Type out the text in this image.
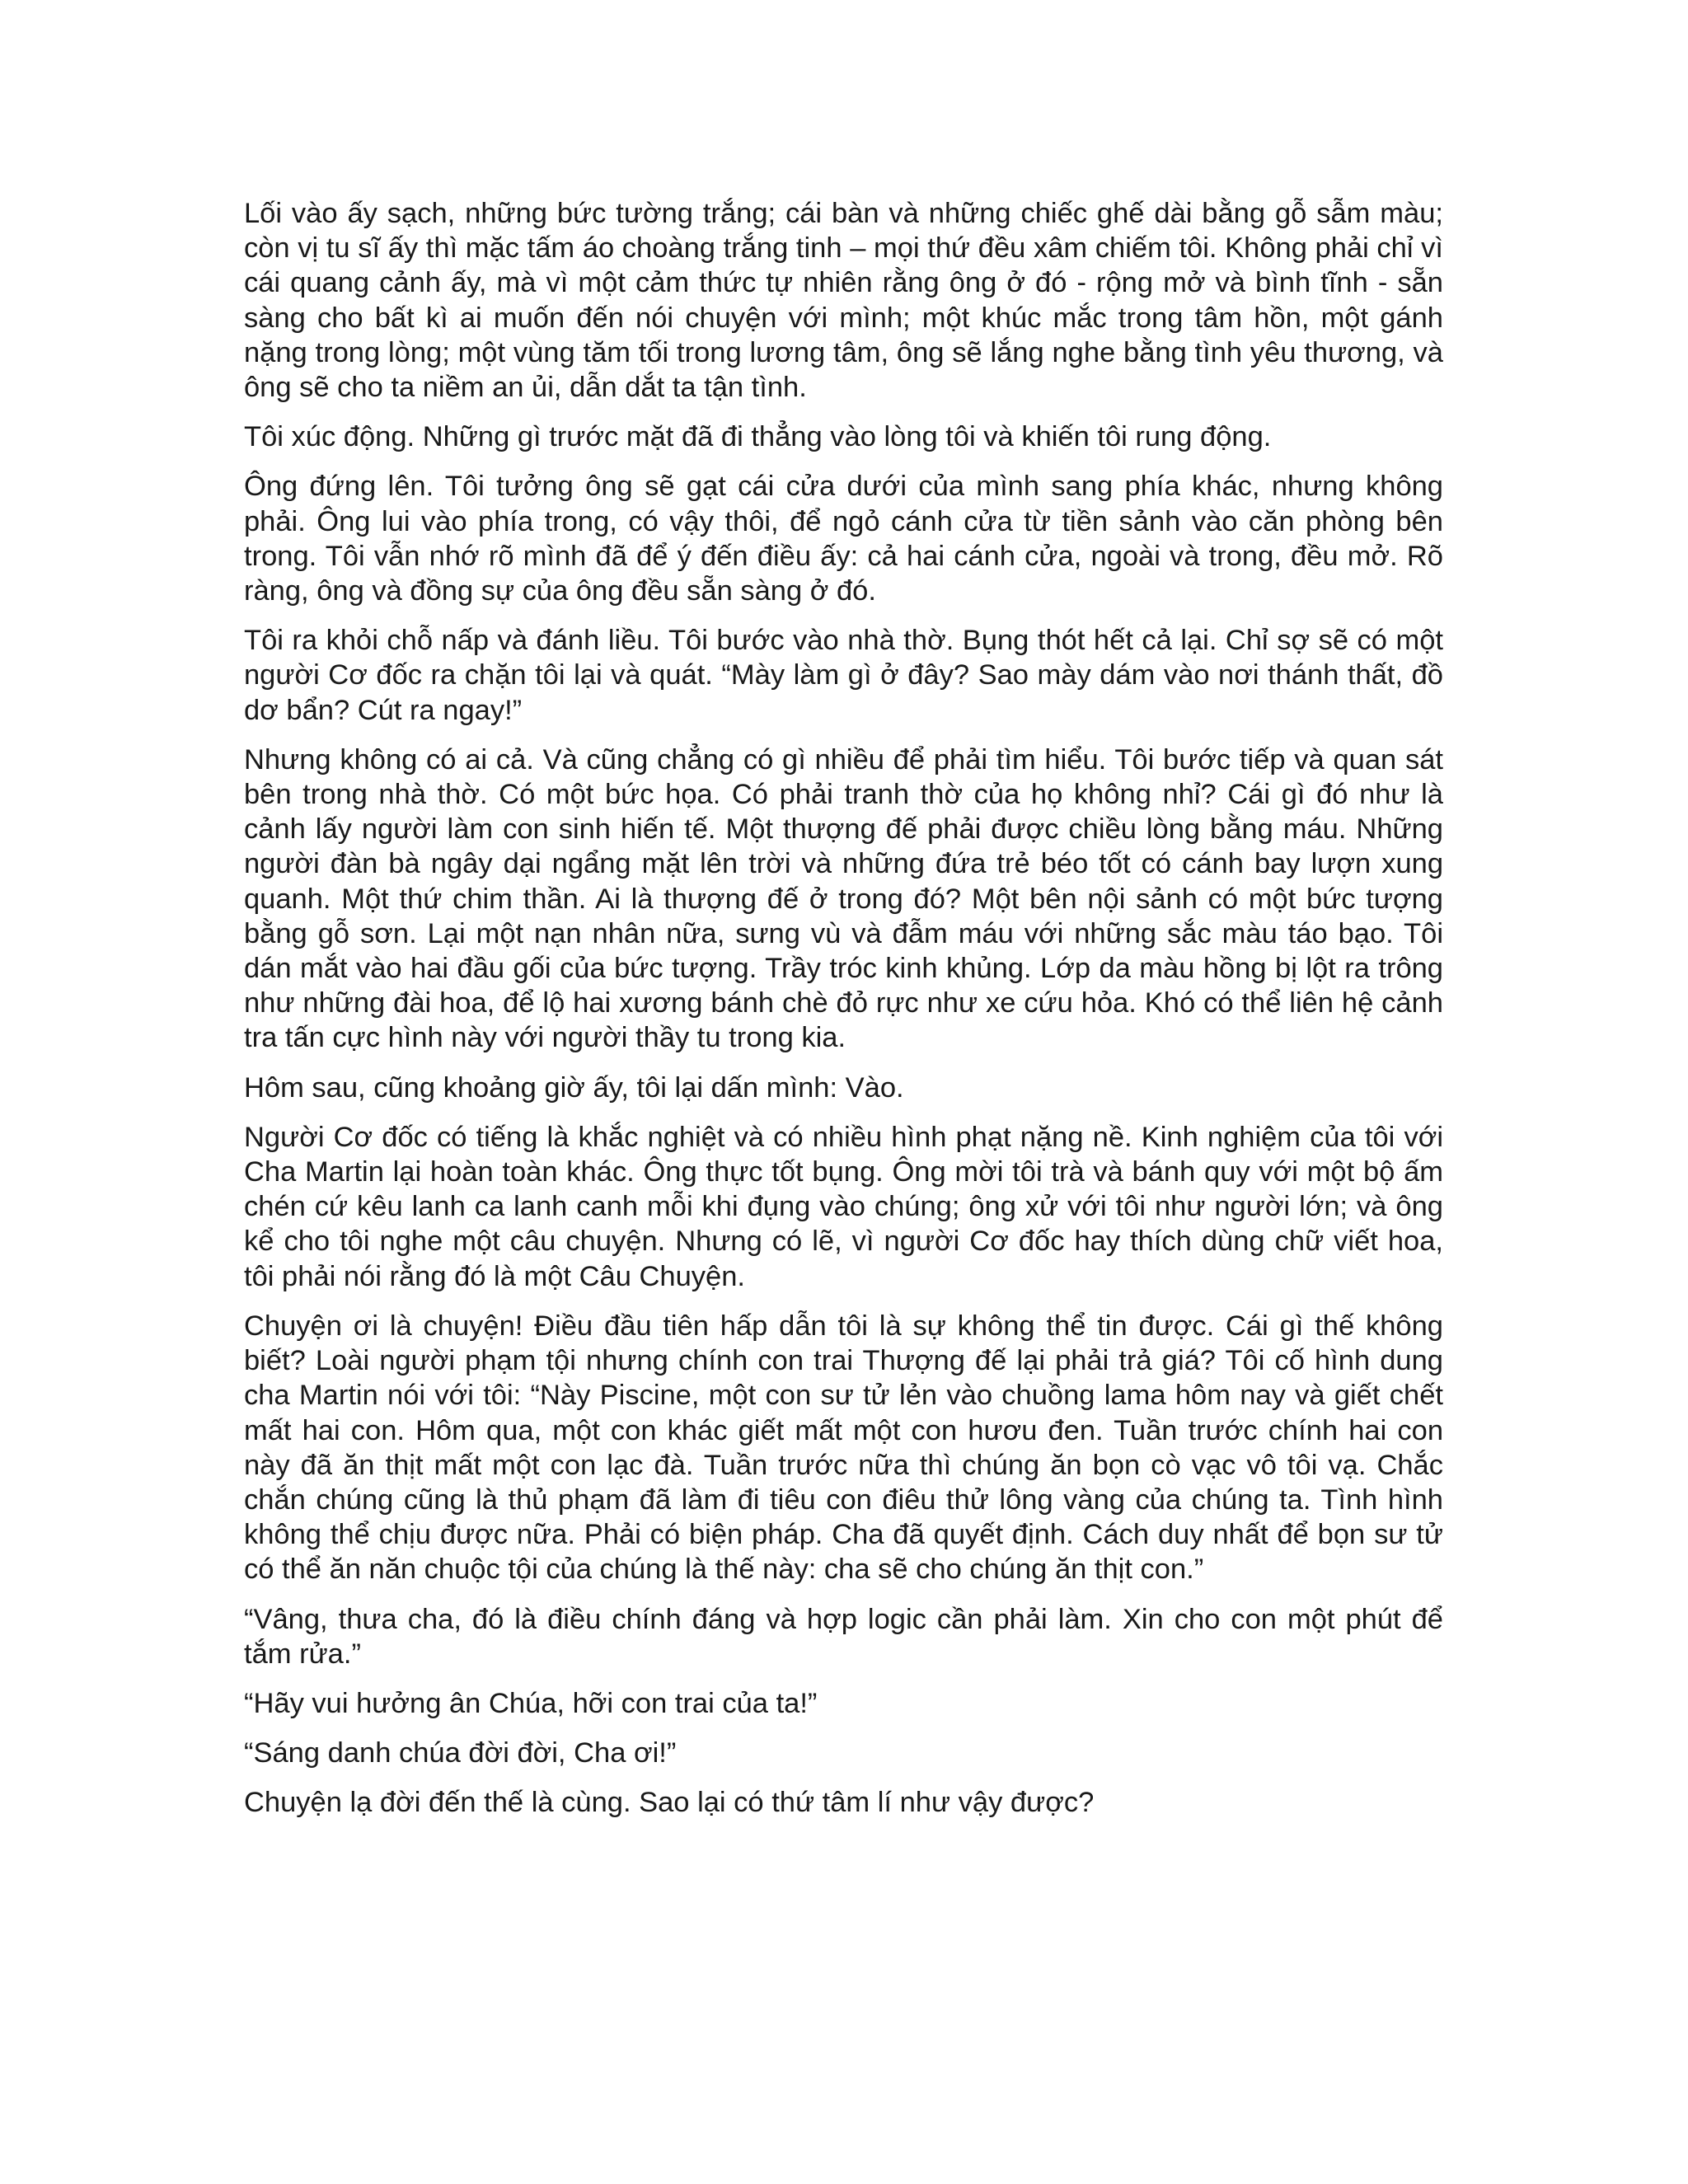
Lối vào ấy sạch, những bức tường trắng; cái bàn và những chiếc ghế dài bằng gỗ sẫm màu; còn vị tu sĩ ấy thì mặc tấm áo choàng trắng tinh – mọi thứ đều xâm chiếm tôi. Không phải chỉ vì cái quang cảnh ấy, mà vì một cảm thức tự nhiên rằng ông ở đó - rộng mở và bình tĩnh - sẵn sàng cho bất kì ai muốn đến nói chuyện với mình; một khúc mắc trong tâm hồn, một gánh nặng trong lòng; một vùng tăm tối trong lương tâm, ông sẽ lắng nghe bằng tình yêu thương, và ông sẽ cho ta niềm an ủi, dẫn dắt ta tận tình.

Tôi xúc động. Những gì trước mặt đã đi thẳng vào lòng tôi và khiến tôi rung động.

Ông đứng lên. Tôi tưởng ông sẽ gạt cái cửa dưới của mình sang phía khác, nhưng không phải. Ông lui vào phía trong, có vậy thôi, để ngỏ cánh cửa từ tiền sảnh vào căn phòng bên trong. Tôi vẫn nhớ rõ mình đã để ý đến điều ấy: cả hai cánh cửa, ngoài và trong, đều mở. Rõ ràng, ông và đồng sự của ông đều sẵn sàng ở đó.

Tôi ra khỏi chỗ nấp và đánh liều. Tôi bước vào nhà thờ. Bụng thót hết cả lại. Chỉ sợ sẽ có một người Cơ đốc ra chặn tôi lại và quát. “Mày làm gì ở đây? Sao mày dám vào nơi thánh thất, đồ dơ bẩn? Cút ra ngay!”

Nhưng không có ai cả. Và cũng chẳng có gì nhiều để phải tìm hiểu. Tôi bước tiếp và quan sát bên trong nhà thờ. Có một bức họa. Có phải tranh thờ của họ không nhỉ? Cái gì đó như là cảnh lấy người làm con sinh hiến tế. Một thượng đế phải được chiều lòng bằng máu. Những người đàn bà ngây dại ngẩng mặt lên trời và những đứa trẻ béo tốt có cánh bay lượn xung quanh. Một thứ chim thần. Ai là thượng đế ở trong đó? Một bên nội sảnh có một bức tượng bằng gỗ sơn. Lại một nạn nhân nữa, sưng vù và đẫm máu với những sắc màu táo bạo. Tôi dán mắt vào hai đầu gối của bức tượng. Trầy tróc kinh khủng. Lớp da màu hồng bị lột ra trông như những đài hoa, để lộ hai xương bánh chè đỏ rực như xe cứu hỏa. Khó có thể liên hệ cảnh tra tấn cực hình này với người thầy tu trong kia.

Hôm sau, cũng khoảng giờ ấy, tôi lại dấn mình: Vào.

Người Cơ đốc có tiếng là khắc nghiệt và có nhiều hình phạt nặng nề. Kinh nghiệm của tôi với Cha Martin lại hoàn toàn khác. Ông thực tốt bụng. Ông mời tôi trà và bánh quy với một bộ ấm chén cứ kêu lanh ca lanh canh mỗi khi đụng vào chúng; ông xử với tôi như người lớn; và ông kể cho tôi nghe một câu chuyện. Nhưng có lẽ, vì người Cơ đốc hay thích dùng chữ viết hoa, tôi phải nói rằng đó là một Câu Chuyện.

Chuyện ơi là chuyện! Điều đầu tiên hấp dẫn tôi là sự không thể tin được. Cái gì thế không biết? Loài người phạm tội nhưng chính con trai Thượng đế lại phải trả giá? Tôi cố hình dung cha Martin nói với tôi: “Này Piscine, một con sư tử lẻn vào chuồng lama hôm nay và giết chết mất hai con. Hôm qua, một con khác giết mất một con hươu đen. Tuần trước chính hai con này đã ăn thịt mất một con lạc đà. Tuần trước nữa thì chúng ăn bọn cò vạc vô tôi vạ. Chắc chắn chúng cũng là thủ phạm đã làm đi tiêu con điêu thử lông vàng của chúng ta. Tình hình không thể chịu được nữa. Phải có biện pháp. Cha đã quyết định. Cách duy nhất để bọn sư tử có thể ăn năn chuộc tội của chúng là thế này: cha sẽ cho chúng ăn thịt con.”

“Vâng, thưa cha, đó là điều chính đáng và hợp logic cần phải làm. Xin cho con một phút để tắm rửa.”

“Hãy vui hưởng ân Chúa, hỡi con trai của ta!”

“Sáng danh chúa đời đời, Cha ơi!”

Chuyện lạ đời đến thế là cùng. Sao lại có thứ tâm lí như vậy được?
